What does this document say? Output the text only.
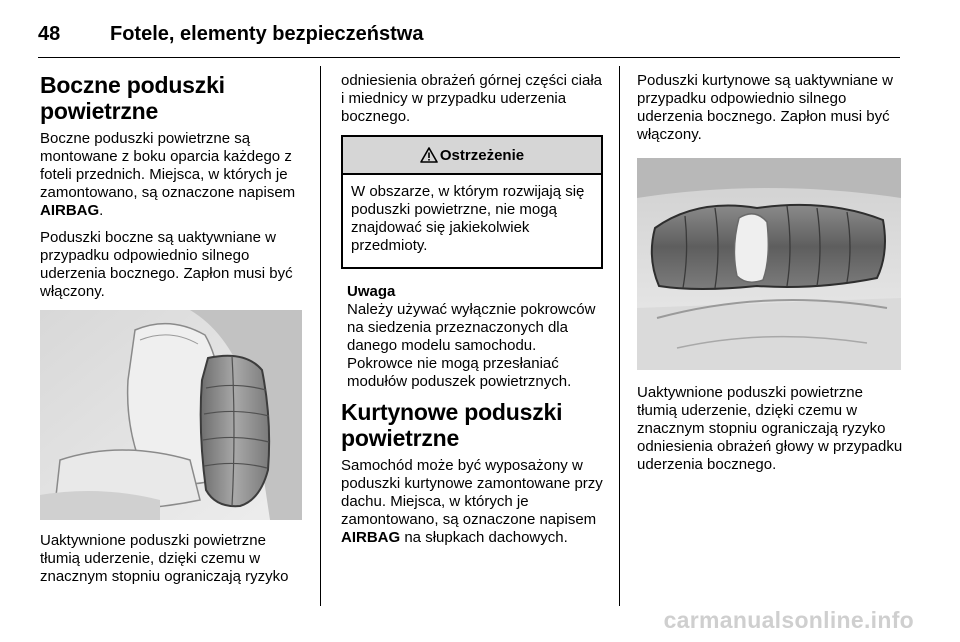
48	Fotele, elementy bezpieczeństwa
Boczne poduszki powietrzne

Boczne poduszki powietrzne są montowane z boku oparcia każdego z foteli przednich. Miejsca, w których je zamontowano, są oznaczone napisem AIRBAG.

Poduszki boczne są uaktywniane w przypadku odpowiednio silnego uderzenia bocznego. Zapłon musi być włączony.

Uaktywnione poduszki powietrzne tłumią uderzenie, dzięki czemu w znacznym stopniu ograniczają ryzyko

odniesienia obrażeń górnej części ciała i miednicy w przypadku uderzenia bocznego.

Ostrzeżenie

W obszarze, w którym rozwijają się poduszki powietrzne, nie mogą znajdować się jakiekolwiek przedmioty.

Uwaga

Należy używać wyłącznie pokrowców na siedzenia przeznaczonych dla danego modelu samochodu. Pokrowce nie mogą przesłaniać modułów poduszek powietrznych.

Kurtynowe poduszki powietrzne

Samochód może być wyposażony w poduszki kurtynowe zamontowane przy dachu. Miejsca, w których je zamontowano, są oznaczone napisem AIRBAG na słupkach dachowych.

Poduszki kurtynowe są uaktywniane w przypadku odpowiednio silnego uderzenia bocznego. Zapłon musi być włączony.

Uaktywnione poduszki powietrzne tłumią uderzenie, dzięki czemu w znacznym stopniu ograniczają ryzyko odniesienia obrażeń głowy w przypadku uderzenia bocznego.

carmanualsonline.info
